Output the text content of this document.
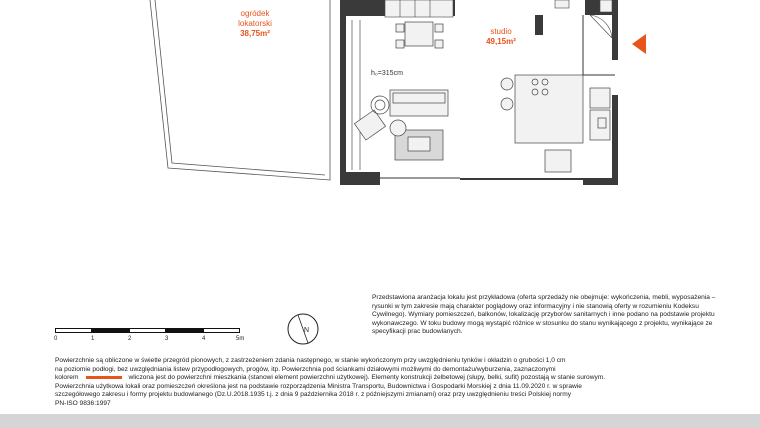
ogródek
lokatorski
38,75m²	studio
49,15m²
h₀=315cm
0	1	2	3	4	5m
N
Przedstawiona aranżacja lokalu jest przykładowa (oferta sprzedaży nie obejmuje: wykończenia, mebli, wyposażenia – rysunki w tym zakresie mają charakter poglądowy oraz informacyjny i nie stanowią oferty w rozumieniu Kodeksu Cywilnego). Wymiary pomieszczeń, balkonów, lokalizację przyborów sanitarnych i inne podano na podstawie projektu wykonawczego. W toku budowy mogą wystąpić różnice w stosunku do stanu wynikającego z projektu, wynikające ze specyfikacji prac budowlanych.
Powierzchnie są obliczone w świetle przegród pionowych, z zastrzeżeniem zdania następnego, w stanie wykończonym przy uwzględnieniu tynków i okładzin o grubości 1,0 cm
na poziomie podłogi, bez uwzględniania listew przypodłogowych, progów, itp. Powierzchnia pod ściankami działowymi możliwymi do demontażu/wyburzenia, zaznaczonymi
kolorem	wliczona jest do powierzchni mieszkania (stanowi element powierzchni użytkowej). Elementy konstrukcji żelbetowej (słupy, belki, sufit) pozostają w stanie surowym.
Powierzchnia użytkowa lokali oraz pomieszczeń określona jest na podstawie rozporządzenia Ministra Transportu, Budownictwa i Gospodarki Morskiej z dnia 11.09.2020 r. w sprawie
szczegółowego zakresu i formy projektu budowlanego (Dz.U.2018.1935 t.j. z dnia 9 października 2018 r. z późniejszymi zmianami) oraz przy uwzględnieniu treści Polskiej normy
PN-ISO 9836:1997
